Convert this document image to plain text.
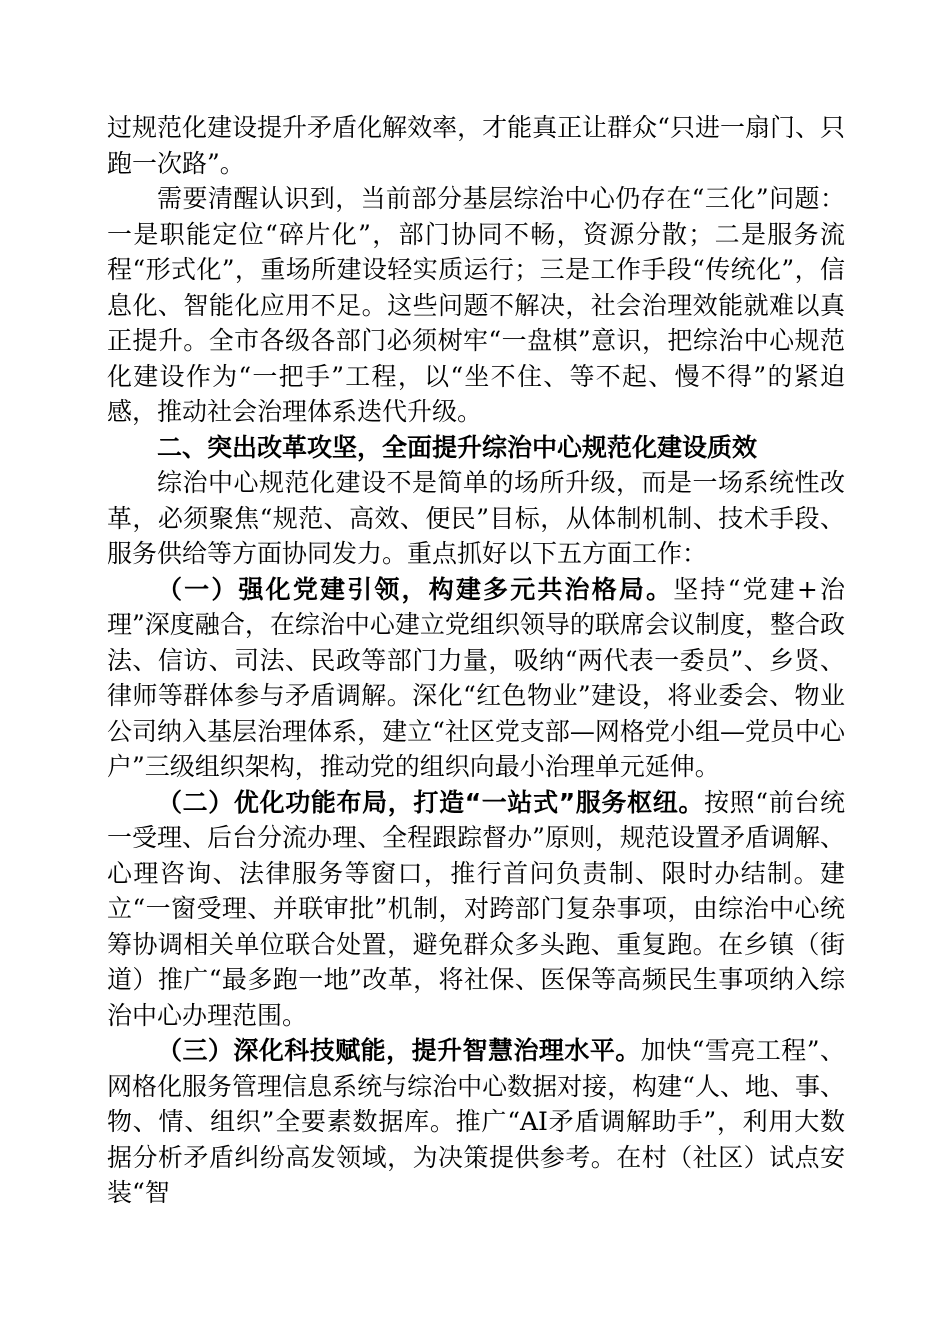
过规范化建设提升矛盾化解效率，才能真正让群众“只进一扇门、只跑一次路”。

需要清醒认识到，当前部分基层综治中心仍存在“三化”问题：一是职能定位“碎片化”，部门协同不畅，资源分散；二是服务流程“形式化”，重场所建设轻实质运行；三是工作手段“传统化”，信息化、智能化应用不足。这些问题不解决，社会治理效能就难以真正提升。全市各级各部门必须树牢“一盘棋”意识，把综治中心规范化建设作为“一把手”工程，以“坐不住、等不起、慢不得”的紧迫感，推动社会治理体系迭代升级。

二、突出改革攻坚，全面提升综治中心规范化建设质效

综治中心规范化建设不是简单的场所升级，而是一场系统性改革，必须聚焦“规范、高效、便民”目标，从体制机制、技术手段、服务供给等方面协同发力。重点抓好以下五方面工作：

（一）强化党建引领，构建多元共治格局。坚持“党建+治理”深度融合，在综治中心建立党组织领导的联席会议制度，整合政法、信访、司法、民政等部门力量，吸纳“两代表一委员”、乡贤、律师等群体参与矛盾调解。深化“红色物业”建设，将业委会、物业公司纳入基层治理体系，建立“社区党支部—网格党小组—党员中心户”三级组织架构，推动党的组织向最小治理单元延伸。

（二）优化功能布局，打造“一站式”服务枢纽。按照“前台统一受理、后台分流办理、全程跟踪督办”原则，规范设置矛盾调解、心理咨询、法律服务等窗口，推行首问负责制、限时办结制。建立“一窗受理、并联审批”机制，对跨部门复杂事项，由综治中心统筹协调相关单位联合处置，避免群众多头跑、重复跑。在乡镇（街道）推广“最多跑一地”改革，将社保、医保等高频民生事项纳入综治中心办理范围。

（三）深化科技赋能，提升智慧治理水平。加快“雪亮工程”、网格化服务管理信息系统与综治中心数据对接，构建“人、地、事、物、情、组织”全要素数据库。推广“AI矛盾调解助手”，利用大数据分析矛盾纠纷高发领域，为决策提供参考。在村（社区）试点安装“智
